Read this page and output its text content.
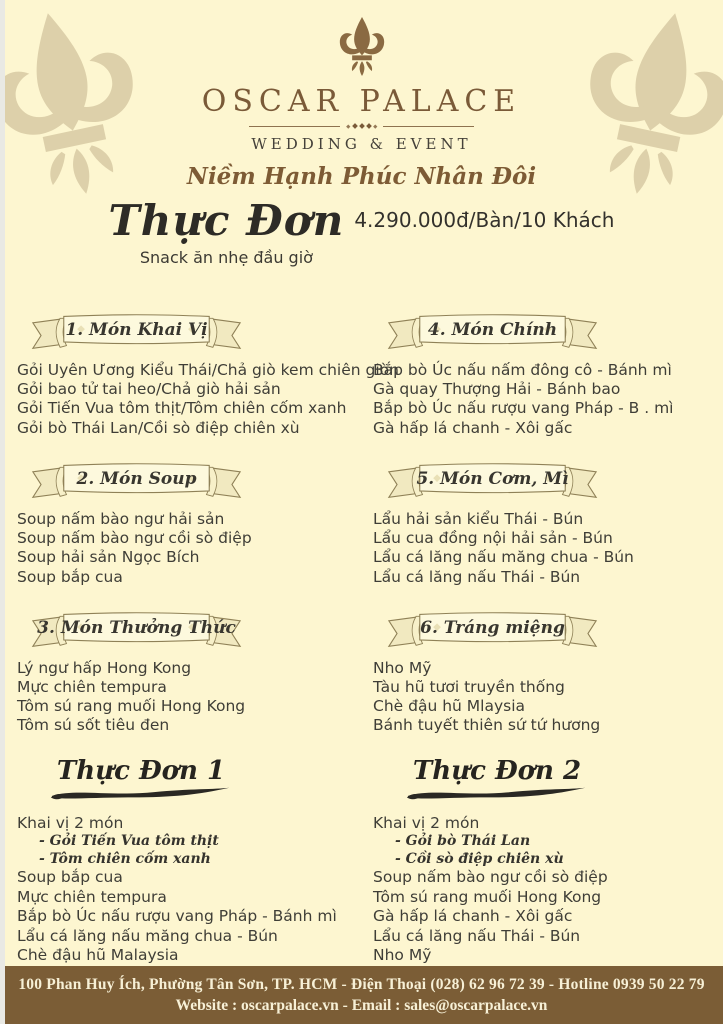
OSCAR PALACE
WEDDING & EVENT
Niềm Hạnh Phúc Nhân Đôi
Thực Đơn
Snack ăn nhẹ đầu giờ
4.290.000đ/Bàn/10 Khách
1. Món Khai Vị
Gỏi Uyên Ương Kiểu Thái/Chả giò kem chiên giòn
Gỏi bao tử tai heo/Chả giò hải sản
Gỏi Tiến Vua tôm thịt/Tôm chiên cốm xanh
Gỏi bò Thái Lan/Cồi sò điệp chiên xù
2. Món Soup
Soup nấm bào ngư hải sản
Soup nấm bào ngư cồi sò điệp
Soup hải sản Ngọc Bích
Soup bắp cua
3. Món Thưởng Thức
Lý ngư hấp Hong Kong
Mực chiên tempura
Tôm sú rang muối Hong Kong
Tôm sú sốt tiêu đen
Thực Đơn 1
Khai vị 2 món
- Gỏi Tiến Vua tôm thịt
- Tôm chiên cốm xanh
Soup bắp cua
Mực chiên tempura
Bắp bò Úc nấu rượu vang Pháp - Bánh mì
Lẩu cá lăng nấu măng chua - Bún
Chè đậu hũ Malaysia
4. Món Chính
Bắp bò Úc nấu nấm đông cô - Bánh mì
Gà quay Thượng Hải - Bánh bao
Bắp bò Úc nấu rượu vang Pháp - B . mì
Gà hấp lá chanh - Xôi gấc
5. Món Cơm, Mì
Lẩu hải sản kiểu Thái - Bún
Lẩu cua đồng nội hải sản - Bún
Lẩu cá lăng nấu măng chua - Bún
Lẩu cá lăng nấu Thái - Bún
6. Tráng miệng
Nho Mỹ
Tàu hũ tươi truyền thống
Chè đậu hũ Mlaysia
Bánh tuyết thiên sứ tứ hương
Thực Đơn 2
Khai vị 2 món
- Gỏi bò Thái Lan
- Cồi sò điệp chiên xù
Soup nấm bào ngư cồi sò điệp
Tôm sú rang muối Hong Kong
Gà hấp lá chanh - Xôi gấc
Lẩu cá lăng nấu Thái - Bún
Nho Mỹ
100 Phan Huy Ích, Phường Tân Sơn, TP. HCM - Điện Thoại (028) 62 96 72 39 - Hotline 0939 50 22 79
Website : oscarpalace.vn - Email : sales@oscarpalace.vn
